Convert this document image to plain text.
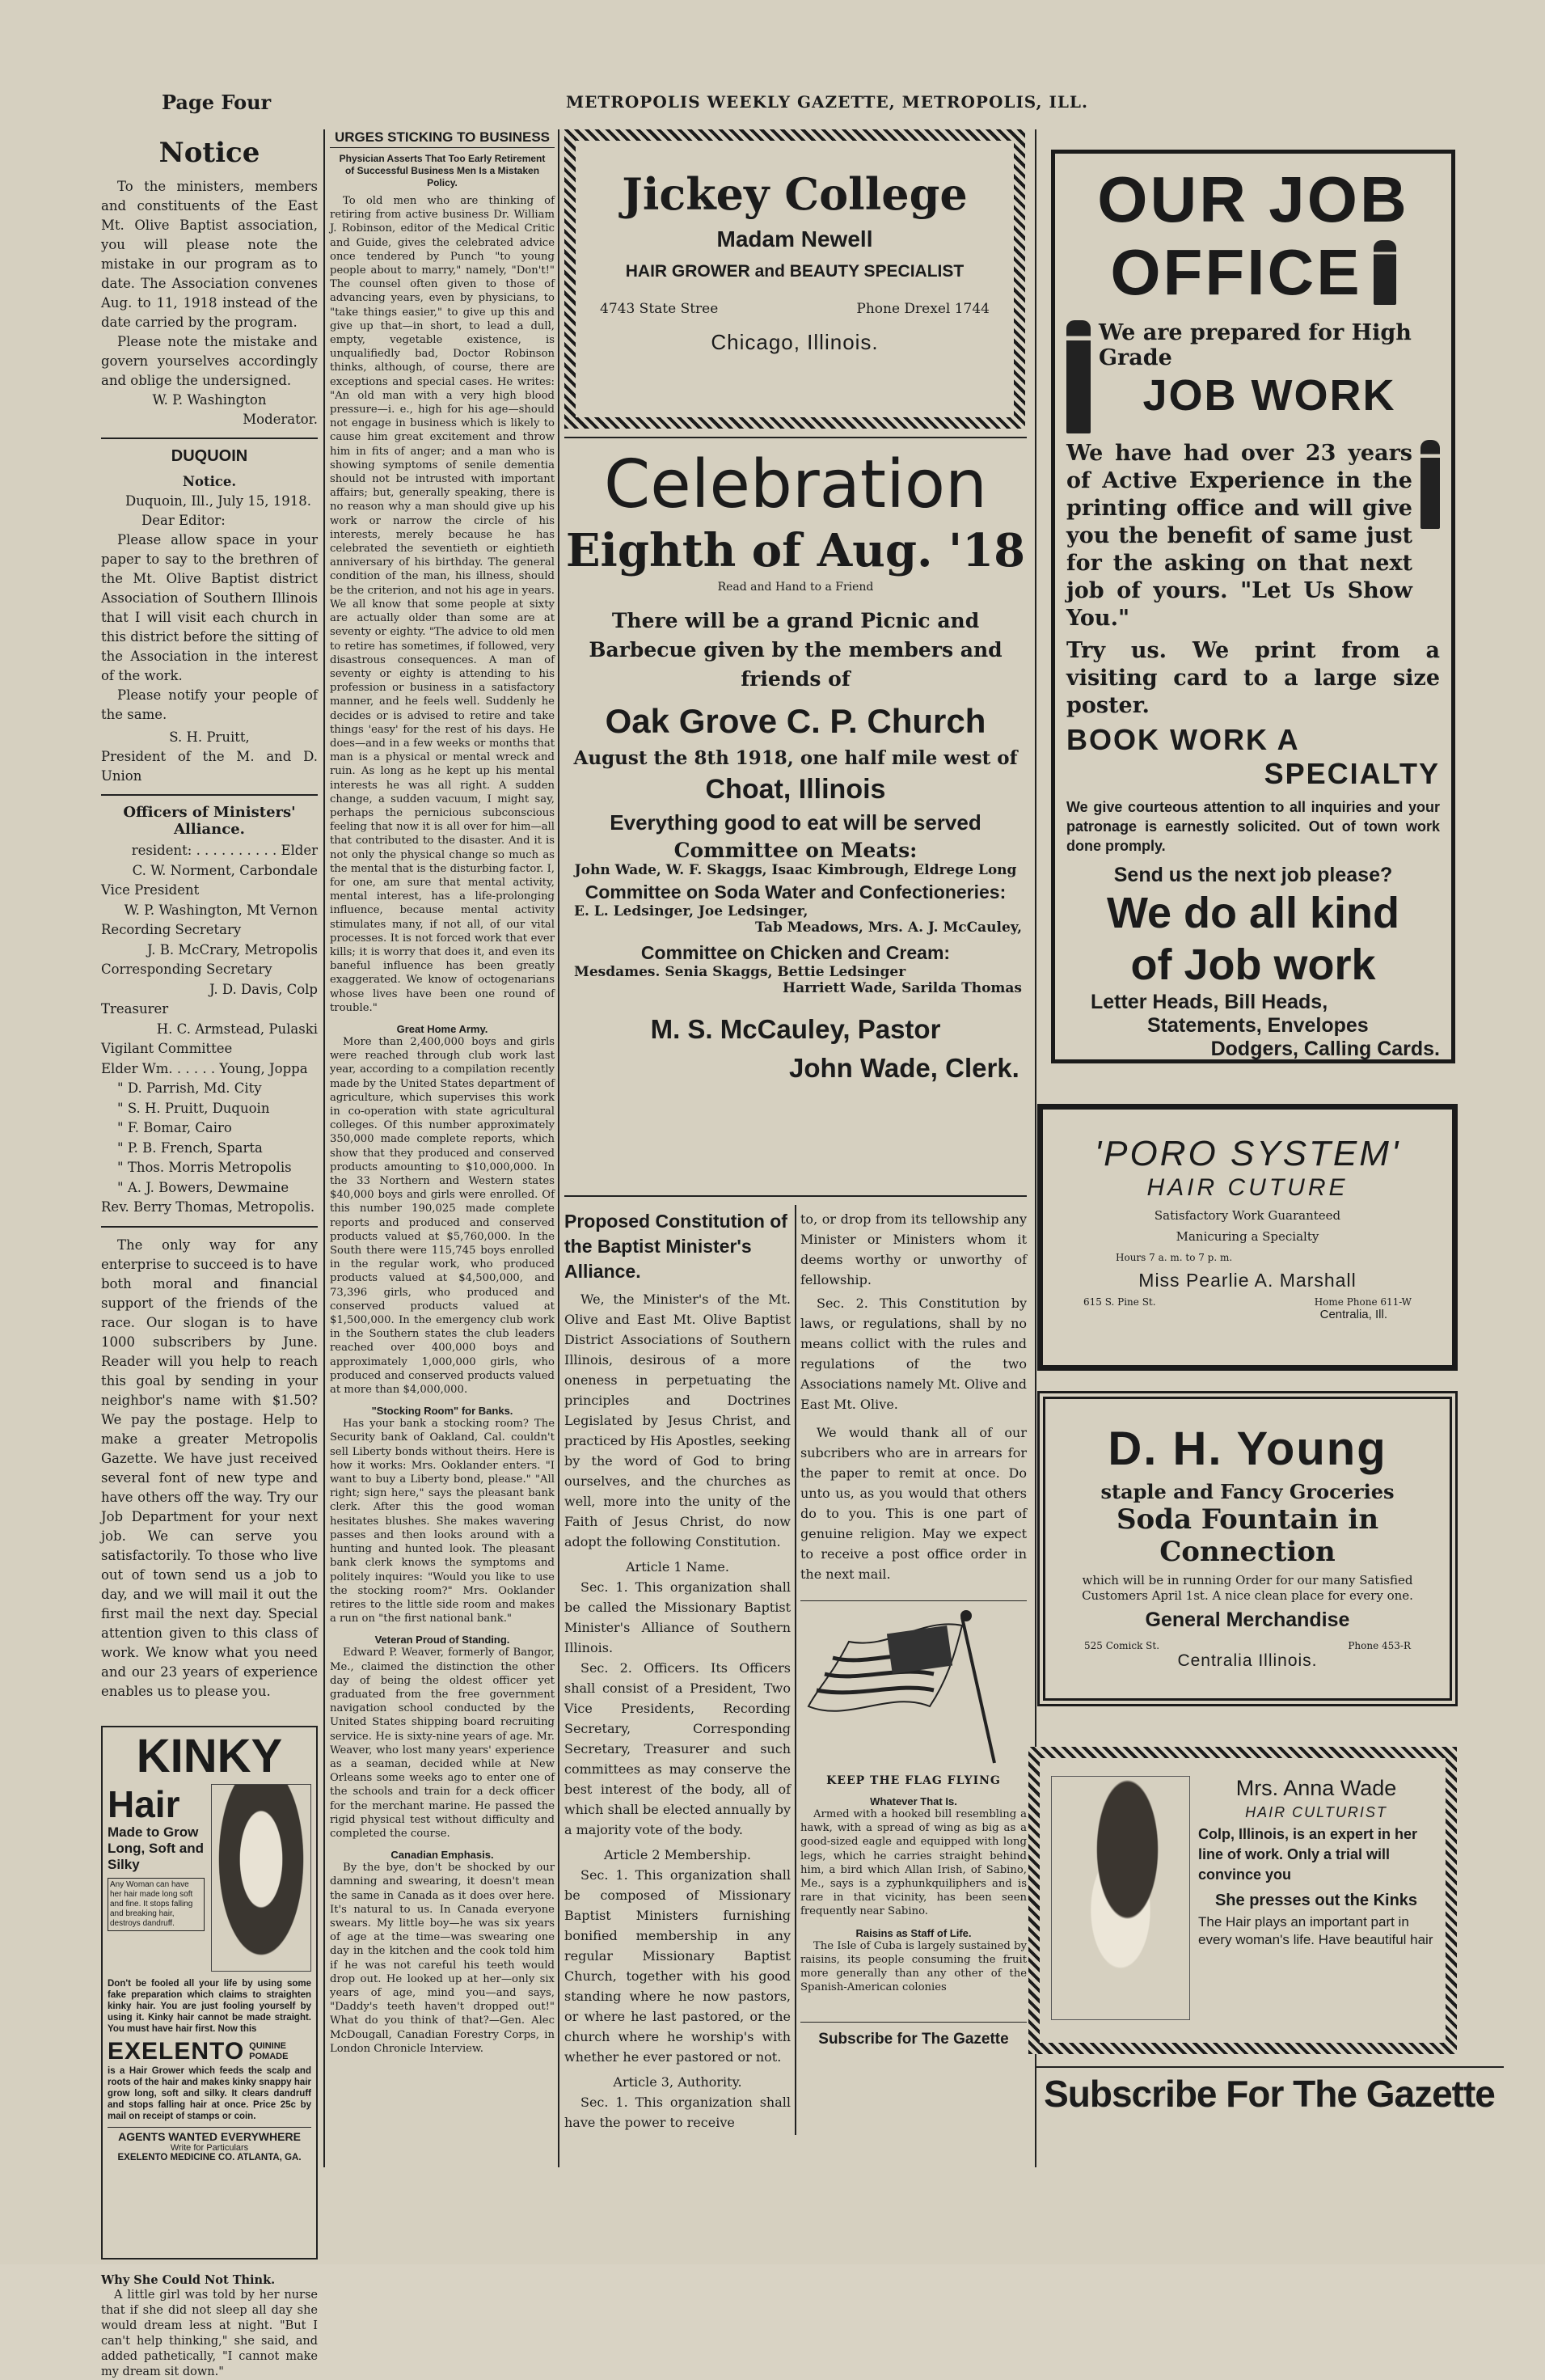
Page Four	METROPOLIS WEEKLY GAZETTE, METROPOLIS, ILL.
Notice

To the ministers, members and constituents of the East Mt. Olive Baptist association, you will please note the mistake in our program as to date. The Association convenes Aug. to 11, 1918 instead of the date carried by the program.

Please note the mistake and govern yourselves accordingly and oblige the undersigned.

W. P. Washington

Moderator.

DUQUOIN

Notice.

Duquoin, Ill., July 15, 1918.

Dear Editor:

Please allow space in your paper to say to the brethren of the Mt. Olive Baptist district Association of Southern Illinois that I will visit each church in this district before the sitting of the Association in the interest of the work.

Please notify your people of the same.

S. H. Pruitt,

President of the M. and D. Union

Officers of Ministers' Alliance.
resident: . . . . . . . . . . Elder
C. W. Norment, Carbondale
Vice President
W. P. Washington, Mt Vernon
Recording Secretary
J. B. McCrary, Metropolis
Corresponding Secretary
J. D. Davis, Colp
Treasurer
H. C. Armstead, Pulaski
Vigilant Committee
Elder Wm. . . . . . Young, Joppa
" D. Parrish, Md. City
" S. H. Pruitt, Duquoin
" F. Bomar, Cairo
" P. B. French, Sparta
" Thos. Morris Metropolis
" A. J. Bowers, Dewmaine
Rev. Berry Thomas, Metropolis.

The only way for any enterprise to succeed is to have both moral and financial support of the friends of the race. Our slogan is to have 1000 subscribers by June. Reader will you help to reach this goal by sending in your neighbor's name with $1.50? We pay the postage. Help to make a greater Metropolis Gazette. We have just received several font of new type and have others off the way. Try our Job Department for your next job. We can serve you satisfactorily. To those who live out of town send us a job to day, and we will mail it out the first mail the next day. Special attention given to this class of work. We know what you need and our 23 years of experience enables us to please you.

KINKY
Hair
Made to Grow Long, Soft and Silky
Any Woman can have her hair made long soft and fine. It stops falling and breaking hair, destroys dandruff.
Don't be fooled all your life by using some fake preparation which claims to straighten kinky hair. You are just fooling yourself by using it. Kinky hair cannot be made straight. You must have hair first. Now this
EXELENTO QUININE POMADE
is a Hair Grower which feeds the scalp and roots of the hair and makes kinky snappy hair grow long, soft and silky. It clears dandruff and stops falling hair at once. Price 25c by mail on receipt of stamps or coin.
AGENTS WANTED EVERYWHERE
Write for Particulars
EXELENTO MEDICINE CO. ATLANTA, GA.
Why She Could Not Think.

A little girl was told by her nurse that if she did not sleep all day she would dream less at night. "But I can't help thinking," she said, and added pathetically, "I cannot make my dream sit down."

URGES STICKING TO BUSINESS
Physician Asserts That Too Early Retirement of Successful Business Men Is a Mistaken Policy.

To old men who are thinking of retiring from active business Dr. William J. Robinson, editor of the Medical Critic and Guide, gives the celebrated advice once tendered by Punch "to young people about to marry," namely, "Don't!" The counsel often given to those of advancing years, even by physicians, to "take things easier," to give up this and give up that—in short, to lead a dull, empty, vegetable existence, is unqualifiedly bad, Doctor Robinson thinks, although, of course, there are exceptions and special cases. He writes: "An old man with a very high blood pressure—i. e., high for his age—should not engage in business which is likely to cause him great excitement and throw him in fits of anger; and a man who is showing symptoms of senile dementia should not be intrusted with important affairs; but, generally speaking, there is no reason why a man should give up his work or narrow the circle of his interests, merely because he has celebrated the seventieth or eightieth anniversary of his birthday. The general condition of the man, his illness, should be the criterion, and not his age in years. We all know that some people at sixty are actually older than some are at seventy or eighty. "The advice to old men to retire has sometimes, if followed, very disastrous consequences. A man of seventy or eighty is attending to his profession or business in a satisfactory manner, and he feels well. Suddenly he decides or is advised to retire and take things 'easy' for the rest of his days. He does—and in a few weeks or months that man is a physical or mental wreck and ruin. As long as he kept up his mental interests he was all right. A sudden change, a sudden vacuum, I might say, perhaps the pernicious subconscious feeling that now it is all over for him—all that contributed to the disaster. And it is not only the physical change so much as the mental that is the disturbing factor. I, for one, am sure that mental activity, mental interest, has a life-prolonging influence, because mental activity stimulates many, if not all, of our vital processes. It is not forced work that ever kills; it is worry that does it, and even its baneful influence has been greatly exaggerated. We know of octogenarians whose lives have been one round of trouble."

Great Home Army.

More than 2,400,000 boys and girls were reached through club work last year, according to a compilation recently made by the United States department of agriculture, which supervises this work in co-operation with state agricultural colleges. Of this number approximately 350,000 made complete reports, which show that they produced and conserved products amounting to $10,000,000. In the 33 Northern and Western states $40,000 boys and girls were enrolled. Of this number 190,025 made complete reports and produced and conserved products valued at $5,760,000. In the South there were 115,745 boys enrolled in the regular work, who produced products valued at $4,500,000, and 73,396 girls, who produced and conserved products valued at $1,500,000. In the emergency club work in the Southern states the club leaders reached over 400,000 boys and approximately 1,000,000 girls, who produced and conserved products valued at more than $4,000,000.

"Stocking Room" for Banks.

Has your bank a stocking room? The Security bank of Oakland, Cal. couldn't sell Liberty bonds without theirs. Here is how it works: Mrs. Ooklander enters. "I want to buy a Liberty bond, please." "All right; sign here," says the pleasant bank clerk. After this the good woman hesitates blushes. She makes wavering passes and then looks around with a hunting and hunted look. The pleasant bank clerk knows the symptoms and politely inquires: "Would you like to use the stocking room?" Mrs. Ooklander retires to the little side room and makes a run on "the first national bank."

Veteran Proud of Standing.

Edward P. Weaver, formerly of Bangor, Me., claimed the distinction the other day of being the oldest officer yet graduated from the free government navigation school conducted by the United States shipping board recruiting service. He is sixty-nine years of age. Mr. Weaver, who lost many years' experience as a seaman, decided while at New Orleans some weeks ago to enter one of the schools and train for a deck officer for the merchant marine. He passed the rigid physical test without difficulty and completed the course.

Canadian Emphasis.

By the bye, don't be shocked by our damning and swearing, it doesn't mean the same in Canada as it does over here. It's natural to us. In Canada everyone swears. My little boy—he was six years of age at the time—was swearing one day in the kitchen and the cook told him if he was not careful his teeth would drop out. He looked up at her—only six years of age, mind you—and says, "Daddy's teeth haven't dropped out!" What do you think of that?—Gen. Alec McDougall, Canadian Forestry Corps, in London Chronicle Interview.

Jickey College
Madam Newell
HAIR GROWER and BEAUTY SPECIALIST
4743 State Stree	Phone Drexel 1744
Chicago, Illinois.
Celebration
Eighth of Aug. '18
Read and Hand to a Friend
There will be a grand Picnic and Barbecue given by the members and friends of
Oak Grove C. P. Church
August the 8th 1918, one half mile west of
Choat, Illinois
Everything good to eat will be served
Committee on Meats:
John Wade, W. F. Skaggs, Isaac Kimbrough, Eldrege Long
Committee on Soda Water and Confectioneries:
E. L. Ledsinger, Joe Ledsinger,
Tab Meadows, Mrs. A. J. McCauley,
Committee on Chicken and Cream:
Mesdames. Senia Skaggs, Bettie Ledsinger
Harriett Wade, Sarilda Thomas
M. S. McCauley, Pastor
John Wade, Clerk.
Proposed Constitution of the Baptist Minister's Alliance.

We, the Minister's of the Mt. Olive and East Mt. Olive Baptist District Associations of Southern Illinois, desirous of a more oneness in perpetuating the principles and Doctrines Legislated by Jesus Christ, and practiced by His Apostles, seeking by the word of God to bring ourselves, and the churches as well, more into the unity of the Faith of Jesus Christ, do now adopt the following Constitution.

Article 1 Name.

Sec. 1. This organization shall be called the Missionary Baptist Minister's Alliance of Southern Illinois.

Sec. 2. Officers. Its Officers shall consist of a President, Two Vice Presidents, Recording Secretary, Corresponding Secretary, Treasurer and such committees as may conserve the best interest of the body, all of which shall be elected annually by a majority vote of the body.

Article 2 Membership.

Sec. 1. This organization shall be composed of Missionary Baptist Ministers furnishing bonified membership in any regular Missionary Baptist Church, together with his good standing where he now pastors, or where he last pastored, or the church where he worship's with whether he ever pastored or not.

Article 3, Authority.

Sec. 1. This organization shall have the power to receive

to, or drop from its tellowship any Minister or Ministers whom it deems worthy or unworthy of fellowship.

Sec. 2. This Constitution by laws, or regulations, shall by no means collict with the rules and regulations of the two Associations namely Mt. Olive and East Mt. Olive.

We would thank all of our subcribers who are in arrears for the paper to remit at once. Do unto us, as you would that others do to you. This is one part of genuine religion. May we expect to receive a post office order in the next mail.

KEEP THE FLAG FLYING
Whatever That Is.

Armed with a hooked bill resembling a hawk, with a spread of wing as big as a good-sized eagle and equipped with long legs, which he carries straight behind him, a bird which Allan Irish, of Sabino, Me., says is a zyphunkquiliphers and is rare in that vicinity, has been seen frequently near Sabino.

Raisins as Staff of Life.

The Isle of Cuba is largely sustained by raisins, its people consuming the fruit more generally than any other of the Spanish-American colonies

Subscribe for The Gazette
OUR JOB
OFFICE
We are prepared for High Grade
JOB WORK

We have had over 23 years of Active Experience in the printing office and will give you the benefit of same just for the asking on that next job of yours. "Let Us Show You."

Try us. We print from a visiting card to a large size poster.

BOOK WORK A
SPECIALTY

We give courteous attention to all inquiries and your patronage is earnestly solicited. Out of town work done promply.

Send us the next job please?
We do all kind
of Job work
Letter Heads, Bill Heads,
Statements, Envelopes
Dodgers, Calling Cards.
'PORO SYSTEM'
HAIR CUTURE
Satisfactory Work Guaranteed
Manicuring a Specialty
Hours 7 a. m. to 7 p. m.
Miss Pearlie A. Marshall
615 S. Pine St.	Home Phone 611-W
Centralia, Ill.
D. H. Young
staple and Fancy Groceries
Soda Fountain in Connection
which will be in running Order for our many Satisfied Customers April 1st. A nice clean place for every one.
General Merchandise
525 Comick St.	Phone 453-R
Centralia Illinois.
Mrs. Anna Wade
HAIR CULTURIST

Colp, Illinois, is an expert in her line of work. Only a trial will convince you

She presses out the Kinks

The Hair plays an important part in every woman's life. Have beautiful hair

Subscribe For The Gazette
